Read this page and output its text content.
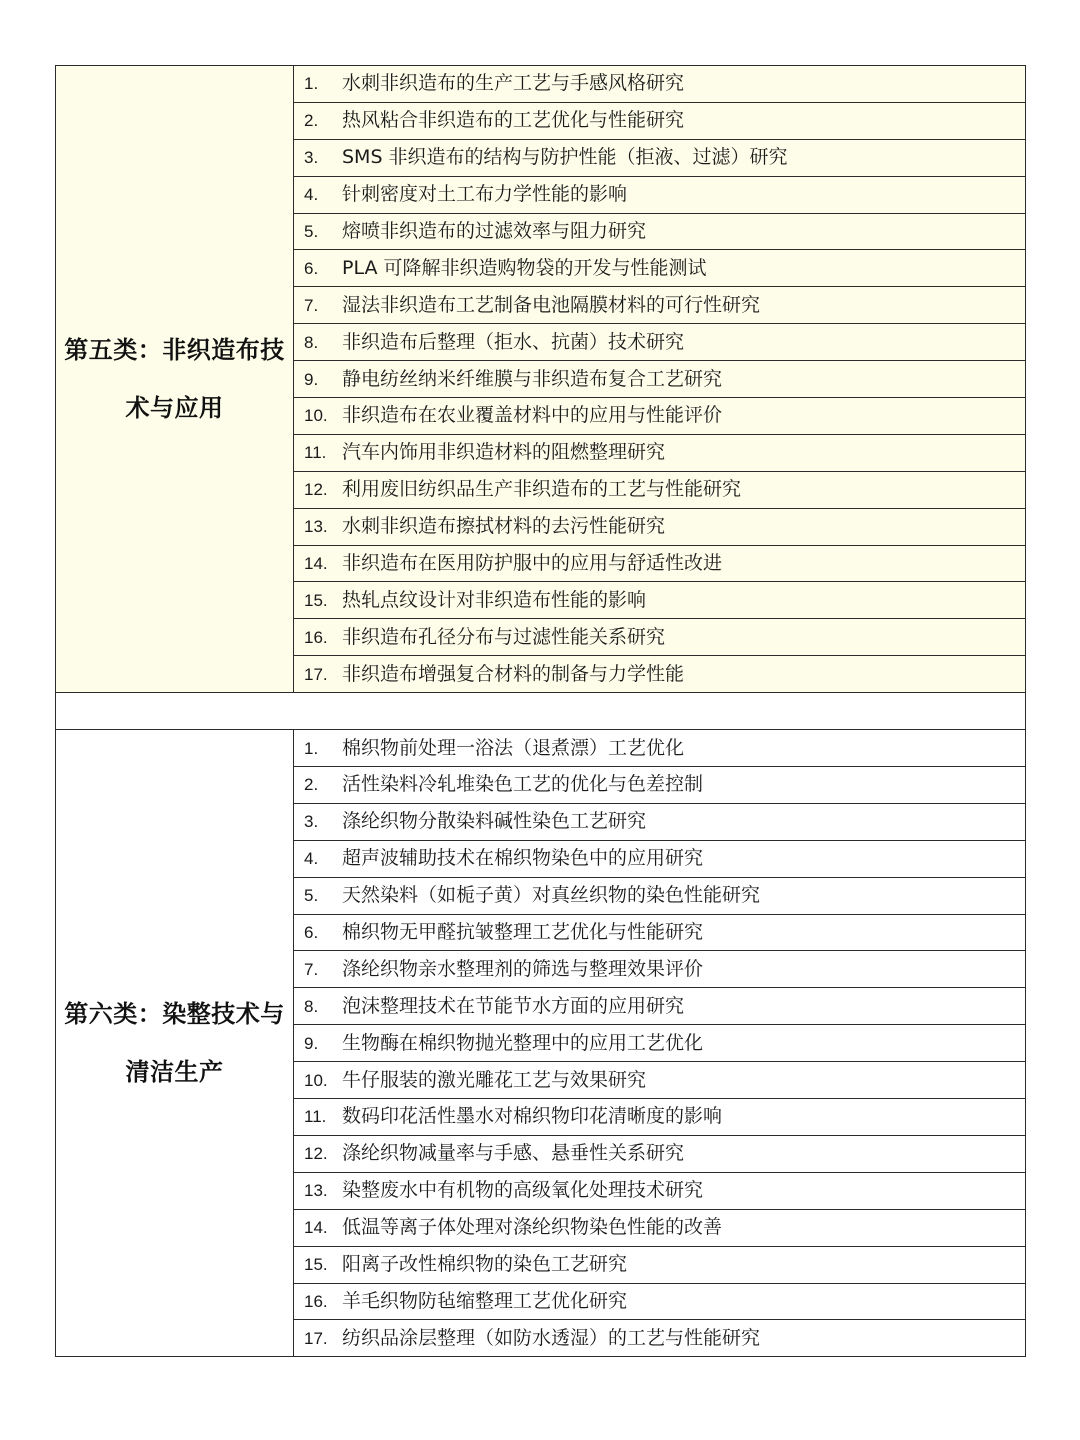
第五类：非织造布技术与应用	1. 水刺非织造布的生产工艺与手感风格研究
	2. 热风粘合非织造布的工艺优化与性能研究
	3. SMS 非织造布的结构与防护性能（拒液、过滤）研究
	4. 针刺密度对土工布力学性能的影响
	5. 熔喷非织造布的过滤效率与阻力研究
	6. PLA 可降解非织造购物袋的开发与性能测试
	7. 湿法非织造布工艺制备电池隔膜材料的可行性研究
	8. 非织造布后整理（拒水、抗菌）技术研究
	9. 静电纺丝纳米纤维膜与非织造布复合工艺研究
	10. 非织造布在农业覆盖材料中的应用与性能评价
	11. 汽车内饰用非织造材料的阻燃整理研究
	12. 利用废旧纺织品生产非织造布的工艺与性能研究
	13. 水刺非织造布擦拭材料的去污性能研究
	14. 非织造布在医用防护服中的应用与舒适性改进
	15. 热轧点纹设计对非织造布性能的影响
	16. 非织造布孔径分布与过滤性能关系研究
	17. 非织造布增强复合材料的制备与力学性能

第六类：染整技术与清洁生产	1. 棉织物前处理一浴法（退煮漂）工艺优化
	2. 活性染料冷轧堆染色工艺的优化与色差控制
	3. 涤纶织物分散染料碱性染色工艺研究
	4. 超声波辅助技术在棉织物染色中的应用研究
	5. 天然染料（如栀子黄）对真丝织物的染色性能研究
	6. 棉织物无甲醛抗皱整理工艺优化与性能研究
	7. 涤纶织物亲水整理剂的筛选与整理效果评价
	8. 泡沫整理技术在节能节水方面的应用研究
	9. 生物酶在棉织物抛光整理中的应用工艺优化
	10. 牛仔服装的激光雕花工艺与效果研究
	11. 数码印花活性墨水对棉织物印花清晰度的影响
	12. 涤纶织物减量率与手感、悬垂性关系研究
	13. 染整废水中有机物的高级氧化处理技术研究
	14. 低温等离子体处理对涤纶织物染色性能的改善
	15. 阳离子改性棉织物的染色工艺研究
	16. 羊毛织物防毡缩整理工艺优化研究
	17. 纺织品涂层整理（如防水透湿）的工艺与性能研究
